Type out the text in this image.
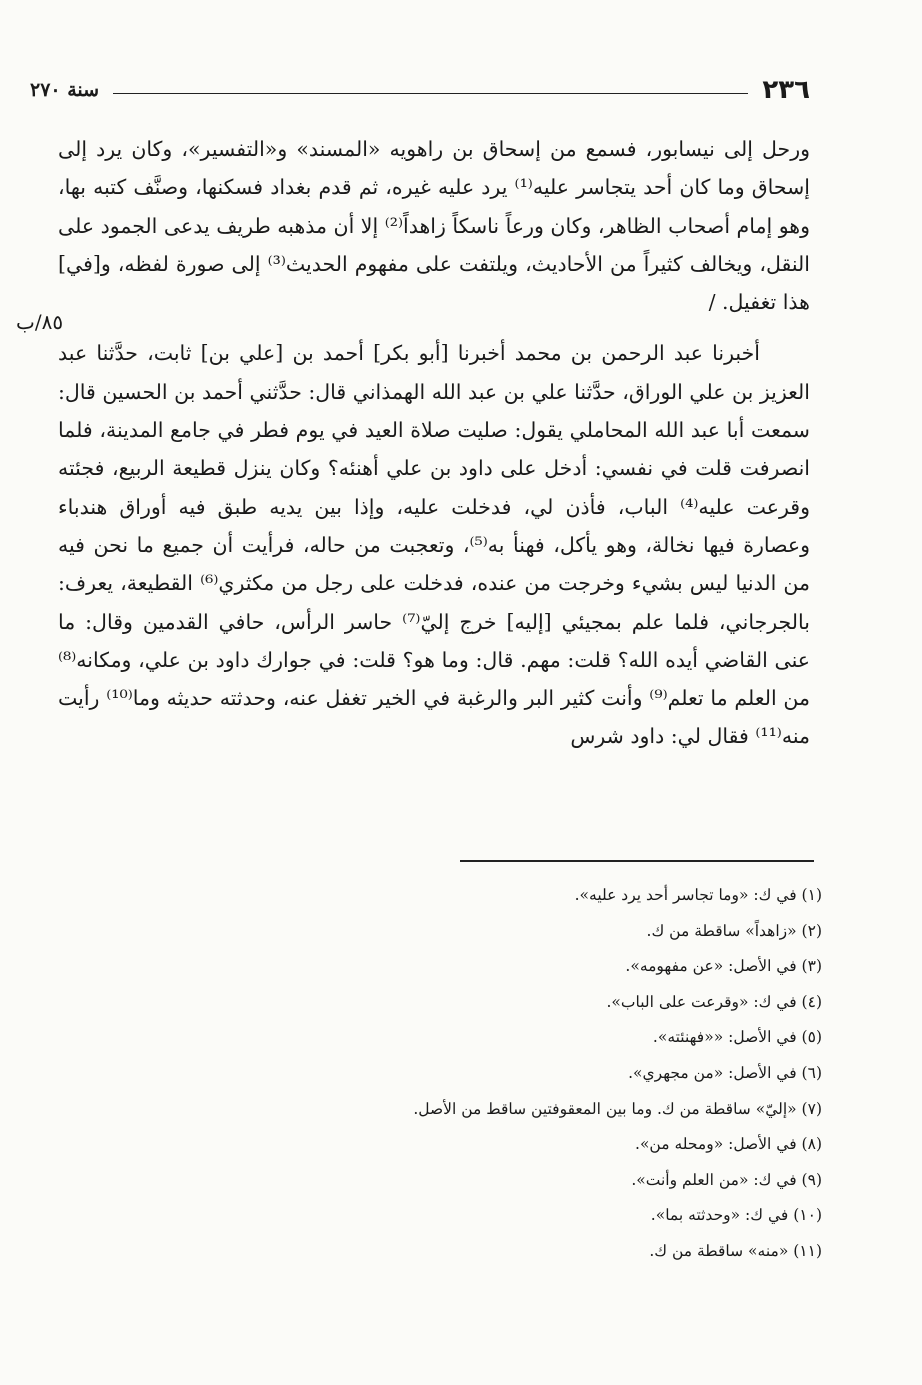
٢٣٦
سنة ٢٧٠
٨٥/ب

ورحل إلى نيسابور، فسمع من إسحاق بن راهويه «المسند» و«التفسير»، وكان يرد إلى إسحاق وما كان أحد يتجاسر عليه⁽¹⁾ يرد عليه غيره، ثم قدم بغداد فسكنها، وصنَّف كتبه بها، وهو إمام أصحاب الظاهر، وكان ورعاً ناسكاً زاهداً⁽²⁾ إلا أن مذهبه طريف يدعى الجمود على النقل، ويخالف كثيراً من الأحاديث، ويلتفت على مفهوم الحديث⁽³⁾ إلى صورة لفظه، و[في] هذا تغفيل. /

أخبرنا عبد الرحمن بن محمد أخبرنا [أبو بكر] أحمد بن [علي بن] ثابت، حدَّثنا عبد العزيز بن علي الوراق، حدَّثنا علي بن عبد الله الهمذاني قال: حدَّثني أحمد بن الحسين قال: سمعت أبا عبد الله المحاملي يقول: صليت صلاة العيد في يوم فطر في جامع المدينة، فلما انصرفت قلت في نفسي: أدخل على داود بن علي أهنئه؟ وكان ينزل قطيعة الربيع، فجئته وقرعت عليه⁽⁴⁾ الباب، فأذن لي، فدخلت عليه، وإذا بين يديه طبق فيه أوراق هندباء وعصارة فيها نخالة، وهو يأكل، فهنأ به⁽⁵⁾، وتعجبت من حاله، فرأيت أن جميع ما نحن فيه من الدنيا ليس بشيء وخرجت من عنده، فدخلت على رجل من مكثري⁽⁶⁾ القطيعة، يعرف: بالجرجاني، فلما علم بمجيئي [إليه] خرج إليّ⁽⁷⁾ حاسر الرأس، حافي القدمين وقال: ما عنى القاضي أيده الله؟ قلت: مهم. قال: وما هو؟ قلت: في جوارك داود بن علي، ومكانه⁽⁸⁾ من العلم ما تعلم⁽⁹⁾ وأنت كثير البر والرغبة في الخير تغفل عنه، وحدثته حديثه وما⁽¹⁰⁾ رأيت منه⁽¹¹⁾ فقال لي: داود شرس

(١) في ك: «وما تجاسر أحد يرد عليه».
(٢) «زاهداً» ساقطة من ك.
(٣) في الأصل: «عن مفهومه».
(٤) في ك: «وقرعت على الباب».
(٥) في الأصل: ««فهنئته».
(٦) في الأصل: «من مجهري».
(٧) «إليّ» ساقطة من ك. وما بين المعقوفتين ساقط من الأصل.
(٨) في الأصل: «ومحله من».
(٩) في ك: «من العلم وأنت».
(١٠) في ك: «وحدثته بما».
(١١) «منه» ساقطة من ك.
